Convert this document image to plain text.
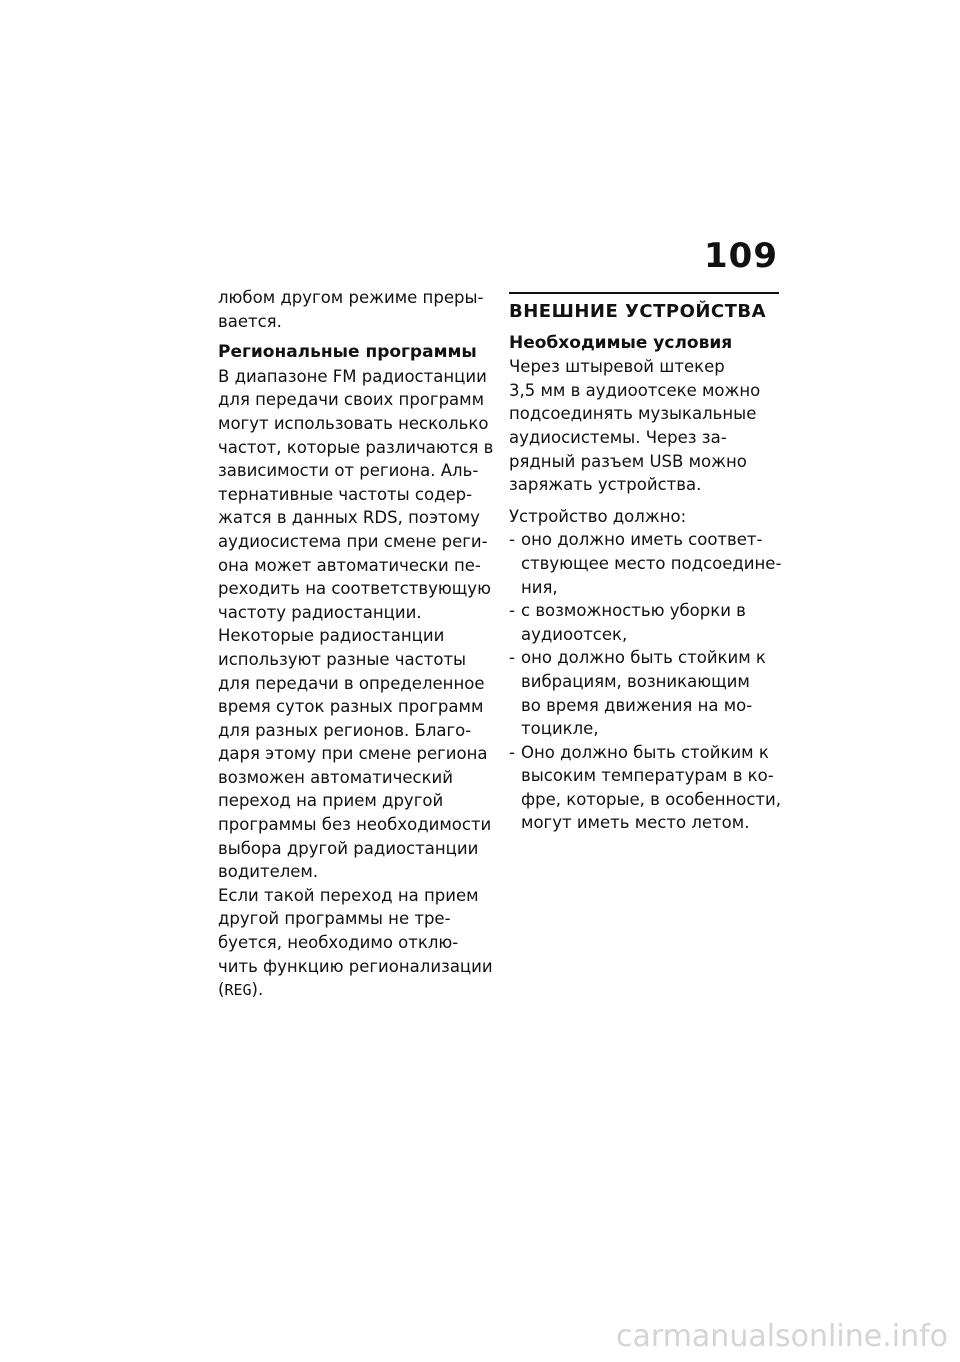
109
любом другом режиме преры-
вается.
Региональные программы
В диапазоне FM радиостанции
для передачи своих программ
могут использовать несколько
частот, которые различаются в
зависимости от региона. Аль-
тернативные частоты содер-
жатся в данных RDS, поэтому
аудиосистема при смене реги-
она может автоматически пе-
реходить на соответствующую
частоту радиостанции.
Некоторые радиостанции
используют разные частоты
для передачи в определенное
время суток разных программ
для разных регионов. Благо-
даря этому при смене региона
возможен автоматический
переход на прием другой
программы без необходимости
выбора другой радиостанции
водителем.
Если такой переход на прием
другой программы не тре-
буется, необходимо отклю-
чить функцию регионализации
(REG).
ВНЕШНИЕ УСТРОЙСТВА
Необходимые условия
Через штыревой штекер
3,5 мм в аудиоотсеке можно
подсоединять музыкальные
аудиосистемы. Через за-
рядный разъем USB можно
заряжать устройства.
Устройство должно:
- оно должно иметь соответ-
ствующее место подсоедине-
ния,
- с возможностью уборки в
аудиоотсек,
- оно должно быть стойким к
вибрациям, возникающим
во время движения на мо-
тоцикле,
- Оно должно быть стойким к
высоким температурам в ко-
фре, которые, в особенности,
могут иметь место летом.
carmanualsonline.info
